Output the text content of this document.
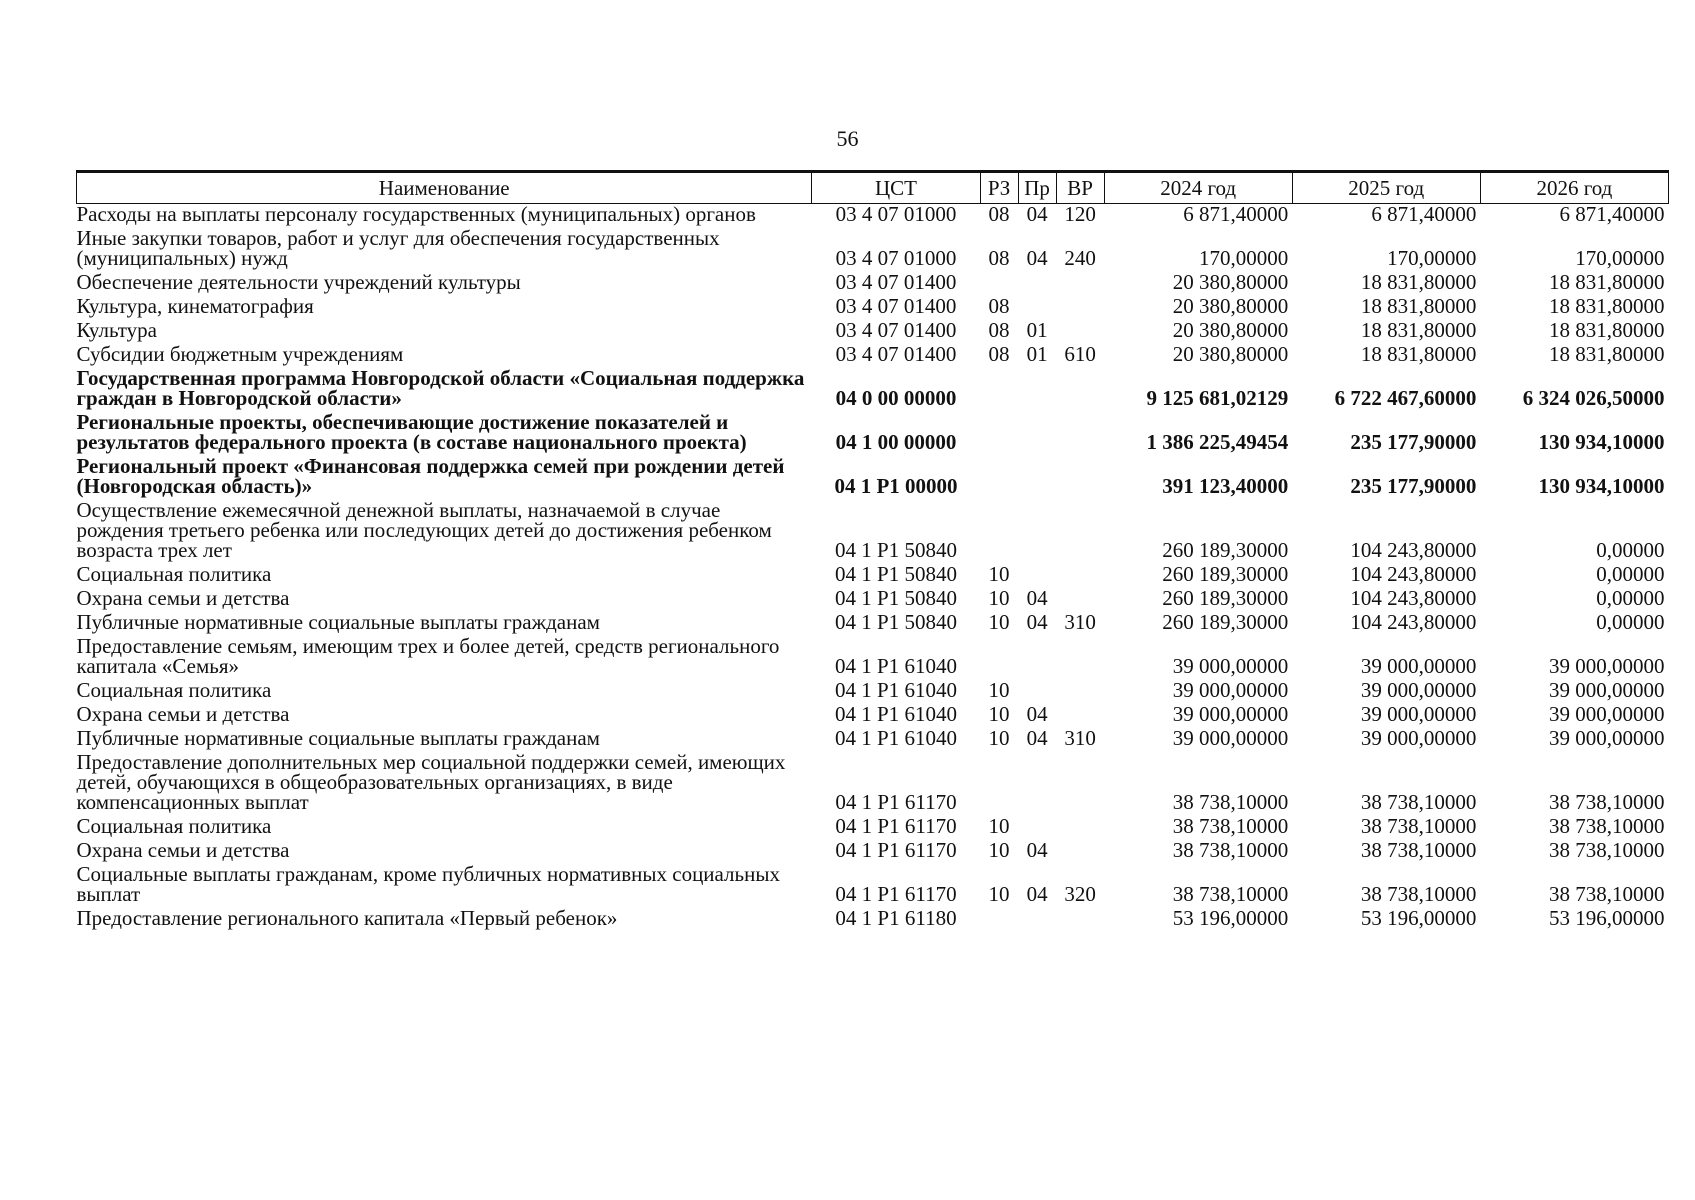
56
Наименование	ЦСТ	РЗ	Пр	ВР	2024 год	2025 год	2026 год
Расходы на выплаты персоналу государственных (муниципальных) органов	03 4 07 01000	08	04	120	6 871,40000	6 871,40000	6 871,40000
Иные закупки товаров, работ и услуг для обеспечения государственных (муниципальных) нужд	03 4 07 01000	08	04	240	170,00000	170,00000	170,00000
Обеспечение деятельности учреждений культуры	03 4 07 01400				20 380,80000	18 831,80000	18 831,80000
Культура, кинематография	03 4 07 01400	08			20 380,80000	18 831,80000	18 831,80000
Культура	03 4 07 01400	08	01		20 380,80000	18 831,80000	18 831,80000
Субсидии бюджетным учреждениям	03 4 07 01400	08	01	610	20 380,80000	18 831,80000	18 831,80000
Государственная программа Новгородской области «Социальная поддержка граждан в Новгородской области»	04 0 00 00000				9 125 681,02129	6 722 467,60000	6 324 026,50000
Региональные проекты, обеспечивающие достижение показателей и результатов федерального проекта (в составе национального проекта)	04 1 00 00000				1 386 225,49454	235 177,90000	130 934,10000
Региональный проект «Финансовая поддержка семей при рождении детей (Новгородская область)»	04 1 P1 00000				391 123,40000	235 177,90000	130 934,10000
Осуществление ежемесячной денежной выплаты, назначаемой в случае рождения третьего ребенка или последующих детей до достижения ребенком возраста трех лет	04 1 P1 50840				260 189,30000	104 243,80000	0,00000
Социальная политика	04 1 P1 50840	10			260 189,30000	104 243,80000	0,00000
Охрана семьи и детства	04 1 P1 50840	10	04		260 189,30000	104 243,80000	0,00000
Публичные нормативные социальные выплаты гражданам	04 1 P1 50840	10	04	310	260 189,30000	104 243,80000	0,00000
Предоставление семьям, имеющим трех и более детей, средств регионального капитала «Семья»	04 1 P1 61040				39 000,00000	39 000,00000	39 000,00000
Социальная политика	04 1 P1 61040	10			39 000,00000	39 000,00000	39 000,00000
Охрана семьи и детства	04 1 P1 61040	10	04		39 000,00000	39 000,00000	39 000,00000
Публичные нормативные социальные выплаты гражданам	04 1 P1 61040	10	04	310	39 000,00000	39 000,00000	39 000,00000
Предоставление дополнительных мер социальной поддержки семей, имеющих детей, обучающихся в общеобразовательных организациях, в виде компенсационных выплат	04 1 P1 61170				38 738,10000	38 738,10000	38 738,10000
Социальная политика	04 1 P1 61170	10			38 738,10000	38 738,10000	38 738,10000
Охрана семьи и детства	04 1 P1 61170	10	04		38 738,10000	38 738,10000	38 738,10000
Социальные выплаты гражданам, кроме публичных нормативных социальных выплат	04 1 P1 61170	10	04	320	38 738,10000	38 738,10000	38 738,10000
Предоставление регионального капитала «Первый ребенок»	04 1 P1 61180				53 196,00000	53 196,00000	53 196,00000
